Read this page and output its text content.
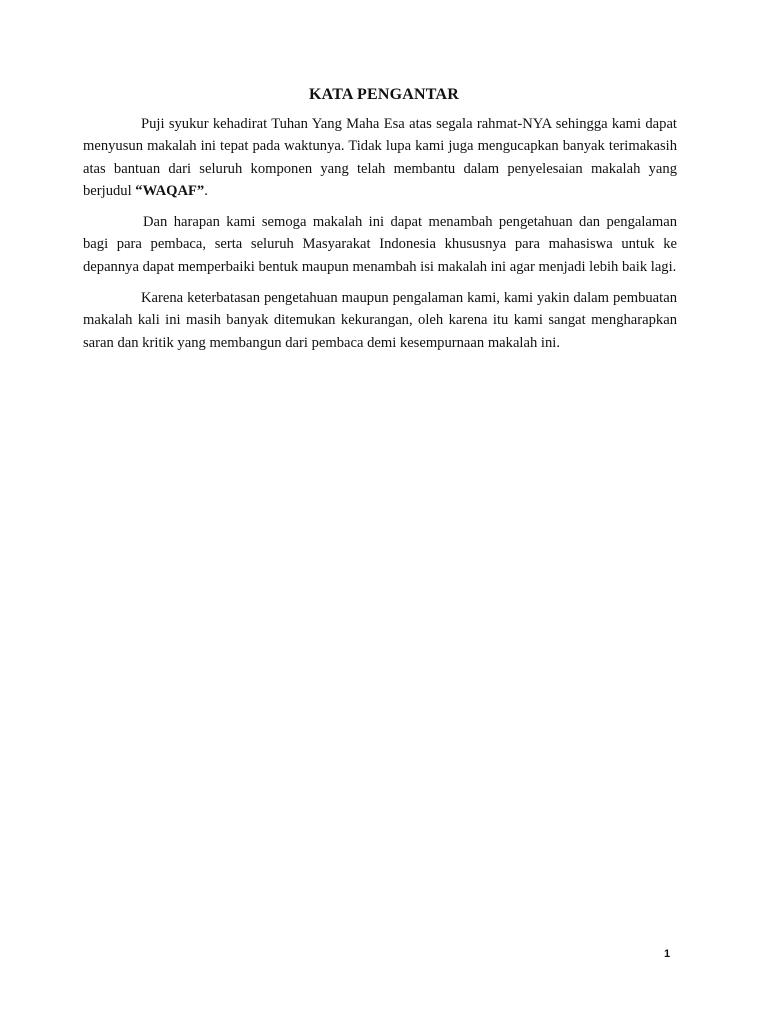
KATA PENGANTAR

Puji syukur kehadirat Tuhan Yang Maha Esa atas segala rahmat-NYA sehingga kami dapat menyusun makalah ini tepat pada waktunya. Tidak lupa kami juga mengucapkan banyak terimakasih atas bantuan dari seluruh komponen yang telah membantu dalam penyelesaian makalah yang berjudul “WAQAF”.

Dan harapan kami semoga makalah ini dapat menambah pengetahuan dan pengalaman bagi para pembaca, serta seluruh Masyarakat Indonesia khususnya para mahasiswa untuk ke depannya dapat memperbaiki bentuk maupun menambah isi makalah ini agar menjadi lebih baik lagi.

Karena keterbatasan pengetahuan maupun pengalaman kami, kami yakin dalam pembuatan makalah kali ini masih banyak ditemukan kekurangan, oleh karena itu kami sangat mengharapkan saran dan kritik yang membangun dari pembaca demi kesempurnaan makalah ini.

1
